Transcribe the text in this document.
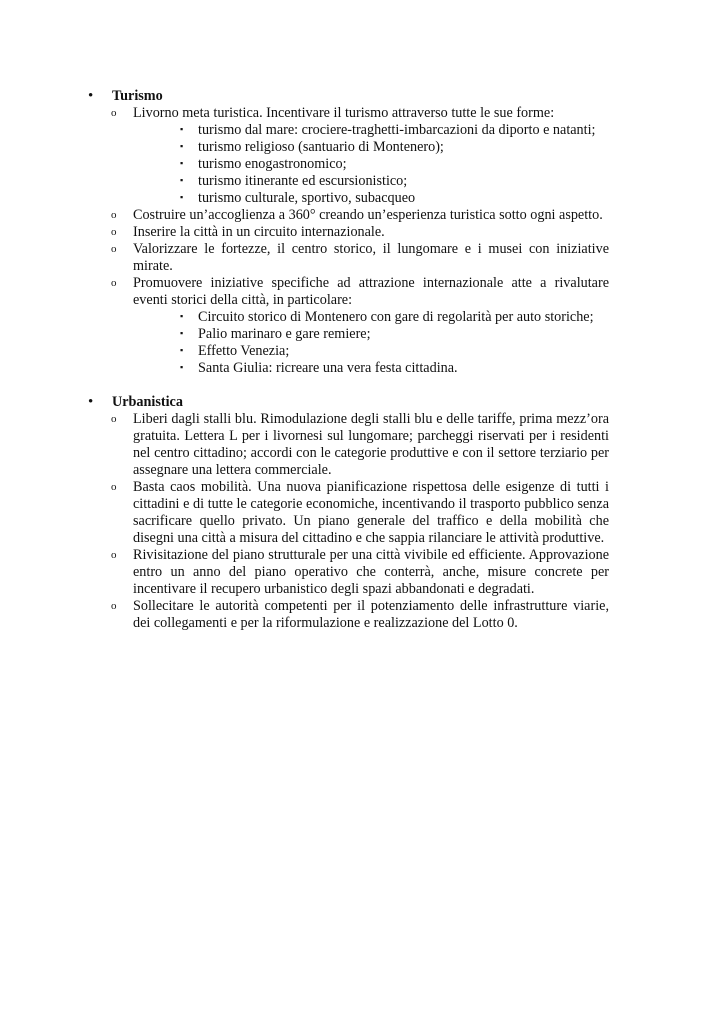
•	Turismo
o Livorno meta turistica. Incentivare il turismo attraverso tutte le sue forme:
▪ turismo dal mare: crociere-traghetti-imbarcazioni da diporto e natanti;
▪ turismo religioso (santuario di Montenero);
▪ turismo enogastronomico;
▪ turismo itinerante ed escursionistico;
▪ turismo culturale, sportivo, subacqueo
o Costruire un’accoglienza a 360° creando un’esperienza turistica sotto ogni aspetto.
o Inserire la città in un circuito internazionale.
o Valorizzare le fortezze, il centro storico, il lungomare e i musei con iniziative mirate.
o Promuovere iniziative specifiche ad attrazione internazionale atte a rivalutare eventi storici della città, in particolare:
▪ Circuito storico di Montenero con gare di regolarità per auto storiche;
▪ Palio marinaro e gare remiere;
▪ Effetto Venezia;
▪ Santa Giulia: ricreare una vera festa cittadina.
•	Urbanistica
o Liberi dagli stalli blu. Rimodulazione degli stalli blu e delle tariffe, prima mezz’ora gratuita. Lettera L per i livornesi sul lungomare; parcheggi riservati per i residenti nel centro cittadino; accordi con le categorie produttive e con il settore terziario per assegnare una lettera commerciale.
o Basta caos mobilità. Una nuova pianificazione rispettosa delle esigenze di tutti i cittadini e di tutte le categorie economiche, incentivando il trasporto pubblico senza sacrificare quello privato. Un piano generale del traffico e della mobilità che disegni una città a misura del cittadino e che sappia rilanciare le attività produttive.
o Rivisitazione del piano strutturale per una città vivibile ed efficiente. Approvazione entro un anno del piano operativo che conterrà, anche, misure concrete per incentivare il recupero urbanistico degli spazi abbandonati e degradati.
o Sollecitare le autorità competenti per il potenziamento delle infrastrutture viarie, dei collegamenti e per la riformulazione e realizzazione del Lotto 0.
